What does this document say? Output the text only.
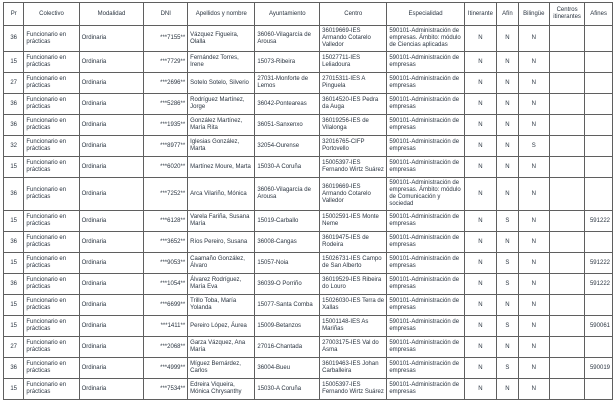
Pr	Colectivo	Modalidad	DNI	Apellidos y nombre	Ayuntamiento	Centro	Especialidad	Itinerante	Afín	Bilingüe	Centros itinerantes	Afines
36	Funcionario en prácticas	Ordinaria	***7155**	Vázquez Figueira, Olalla	36060-Vilagarcía de Arousa	36019669-IES Armando Cotarelo Valledor	590101-Administración de empresas. Ámbito: módulo de Ciencias aplicadas	N	N	N		
15	Funcionario en prácticas	Ordinaria	***7729**	Fernández Torres, Irene	15073-Ribeira	15027711-IES Leliadoura	590101-Administración de empresas	N	N	N		
27	Funcionario en prácticas	Ordinaria	***2696**	Sotelo Sotelo, Silverio	27031-Monforte de Lemos	27015311-IES A Pinguela	590101-Administración de empresas	N	N	N		
36	Funcionario en prácticas	Ordinaria	***5286**	Rodríguez Martínez, Jorge	36042-Ponteareas	36014520-IES Pedra da Auga	590101-Administración de empresas	N	N	N		
36	Funcionario en prácticas	Ordinaria	***1935**	González Martínez, María Rita	36051-Sanxenxo	36019256-IES de Vilalonga	590101-Administración de empresas	N	N	N		
32	Funcionario en prácticas	Ordinaria	***8977**	Iglesias González, Marta	32054-Ourense	32016765-CIFP Portovello	590101-Administración de empresas	N	N	S		
15	Funcionario en prácticas	Ordinaria	***6020**	Martínez Moure, Marta	15030-A Coruña	15005397-IES Fernando Wirtz Suárez	590101-Administración de empresas	N	N	N		
36	Funcionario en prácticas	Ordinaria	***7252**	Arca Vilariño, Mónica	36060-Vilagarcía de Arousa	36019669-IES Armando Cotarelo Valledor	590101-Administración de empresas. Ámbito: módulo de Comunicación y sociedad	N	N	N		
15	Funcionario en prácticas	Ordinaria	***6128**	Varela Fariña, Susana María	15019-Carballo	15002591-IES Monte Neme	590101-Administración de empresas	N	S	N		591222
36	Funcionario en prácticas	Ordinaria	***3652**	Ríos Pereiro, Susana	36008-Cangas	36019475-IES de Rodeira	590101-Administración de empresas	N	N	N		
15	Funcionario en prácticas	Ordinaria	***9053**	Caamaño González, Álvaro	15057-Noia	15026731-IES Campo de San Alberto	590101-Administración de empresas	N	S	N		591222
36	Funcionario en prácticas	Ordinaria	***1054**	Álvarez Rodríguez, María Eva	36039-O Porriño	36019529-IES Ribeira do Louro	590101-Administración de empresas	N	S	N		591222
15	Funcionario en prácticas	Ordinaria	***6699**	Trillo Toba, María Yolanda	15077-Santa Comba	15026030-IES Terra de Xallas	590101-Administración de empresas	N	N	N		
15	Funcionario en prácticas	Ordinaria	***1411**	Pereiro López, Áurea	15009-Betanzos	15001148-IES As Mariñas	590101-Administración de empresas	N	S	N		590061
27	Funcionario en prácticas	Ordinaria	***2068**	Garza Vázquez, Ana María	27016-Chantada	27003175-IES Val do Asma	590101-Administración de empresas	N	N	N		
36	Funcionario en prácticas	Ordinaria	***4999**	Míguez Bernárdez, Carlos	36004-Bueu	36019463-IES Johan Carballeira	590101-Administración de empresas	N	S	N		590019
15	Funcionario en prácticas	Ordinaria	***7534**	Edreira Viqueira, Mónica Chrysanthy	15030-A Coruña	15005397-IES Fernando Wirtz Suárez	590101-Administración de empresas	N	N	N		
